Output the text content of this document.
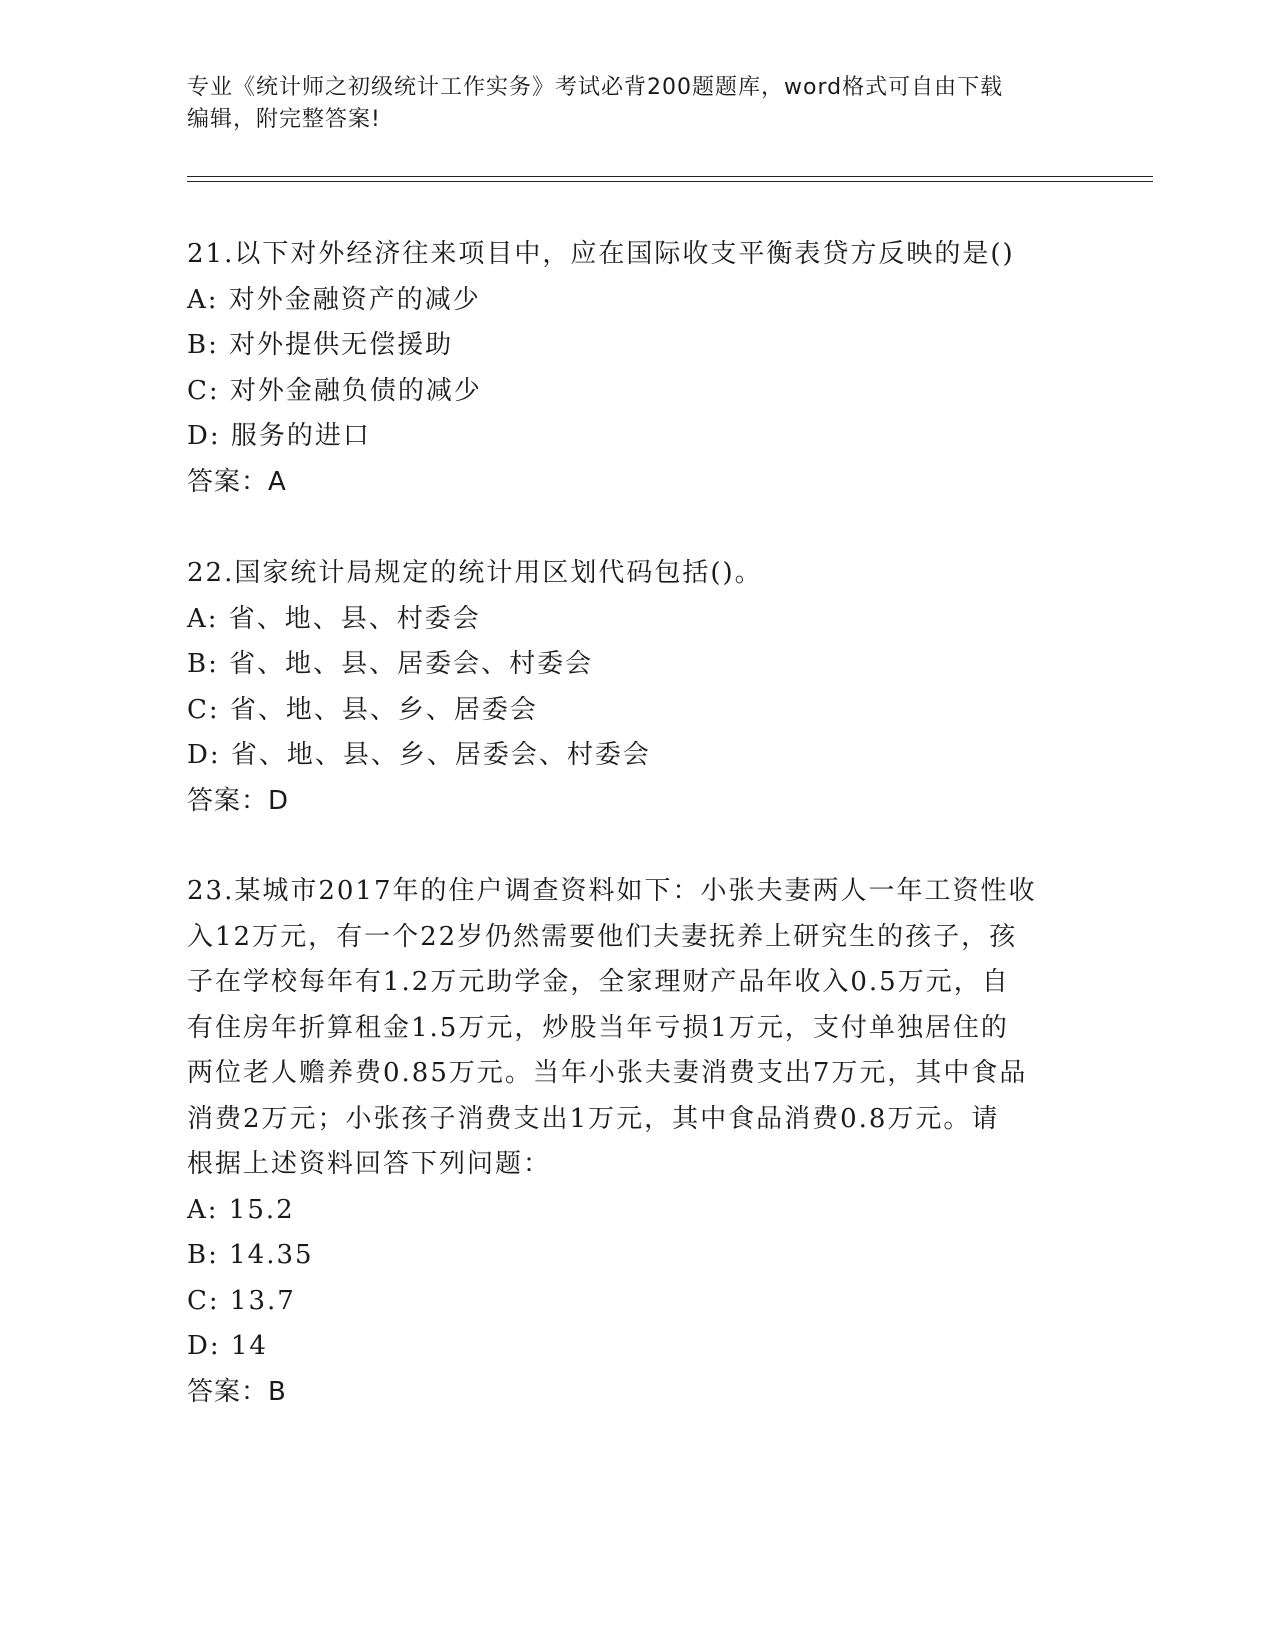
专业《统计师之初级统计工作实务》考试必背200题题库，word格式可自由下载
编辑，附完整答案!
21.以下对外经济往来项目中，应在国际收支平衡表贷方反映的是()
A: 对外金融资产的减少
B: 对外提供无偿援助
C: 对外金融负债的减少
D: 服务的进口
答案：A
22.国家统计局规定的统计用区划代码包括()。
A: 省、地、县、村委会
B: 省、地、县、居委会、村委会
C: 省、地、县、乡、居委会
D: 省、地、县、乡、居委会、村委会
答案：D
23.某城市2017年的住户调查资料如下：小张夫妻两人一年工资性收
入12万元，有一个22岁仍然需要他们夫妻抚养上研究生的孩子，孩
子在学校每年有1.2万元助学金，全家理财产品年收入0.5万元，自
有住房年折算租金1.5万元，炒股当年亏损1万元，支付单独居住的
两位老人赡养费0.85万元。当年小张夫妻消费支出7万元，其中食品
消费2万元；小张孩子消费支出1万元，其中食品消费0.8万元。请
根据上述资料回答下列问题：
A: 15.2
B: 14.35
C: 13.7
D: 14
答案：B
